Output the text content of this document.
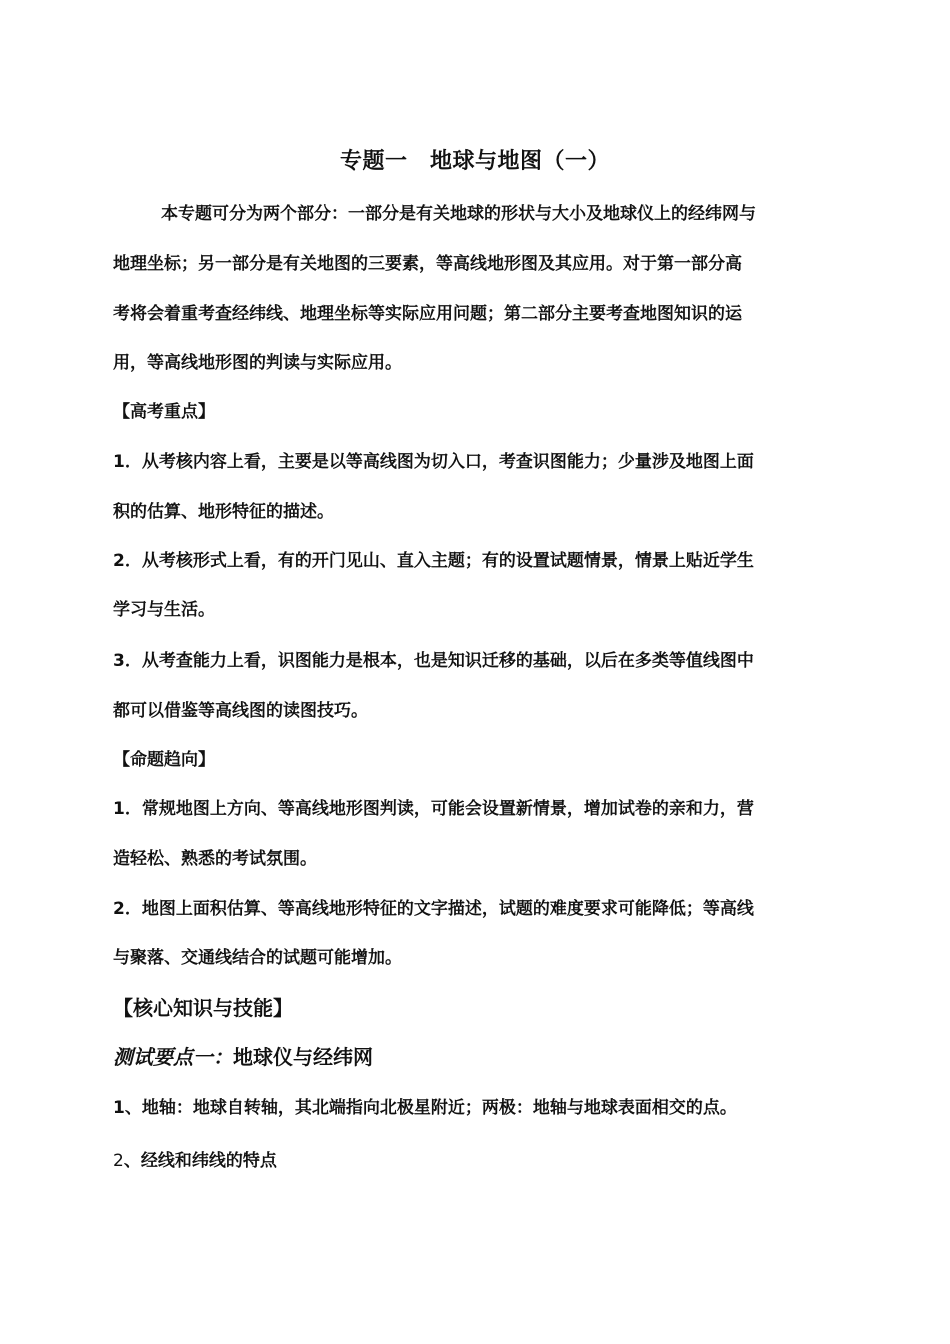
专题一　地球与地图（一）
本专题可分为两个部分：一部分是有关地球的形状与大小及地球仪上的经纬网与
地理坐标；另一部分是有关地图的三要素，等高线地形图及其应用。对于第一部分高
考将会着重考查经纬线、地理坐标等实际应用问题；第二部分主要考查地图知识的运
用，等高线地形图的判读与实际应用。
【高考重点】
1．从考核内容上看，主要是以等高线图为切入口，考查识图能力；少量涉及地图上面
积的估算、地形特征的描述。
2．从考核形式上看，有的开门见山、直入主题；有的设置试题情景，情景上贴近学生
学习与生活。
3．从考查能力上看，识图能力是根本，也是知识迁移的基础，以后在多类等值线图中
都可以借鉴等高线图的读图技巧。
【命题趋向】
1．常规地图上方向、等高线地形图判读，可能会设置新情景，增加试卷的亲和力，营
造轻松、熟悉的考试氛围。
2．地图上面积估算、等高线地形特征的文字描述，试题的难度要求可能降低；等高线
与聚落、交通线结合的试题可能增加。
【核心知识与技能】
测试要点一：地球仪与经纬网
1、地轴：地球自转轴，其北端指向北极星附近；两极：地轴与地球表面相交的点。
2、经线和纬线的特点
